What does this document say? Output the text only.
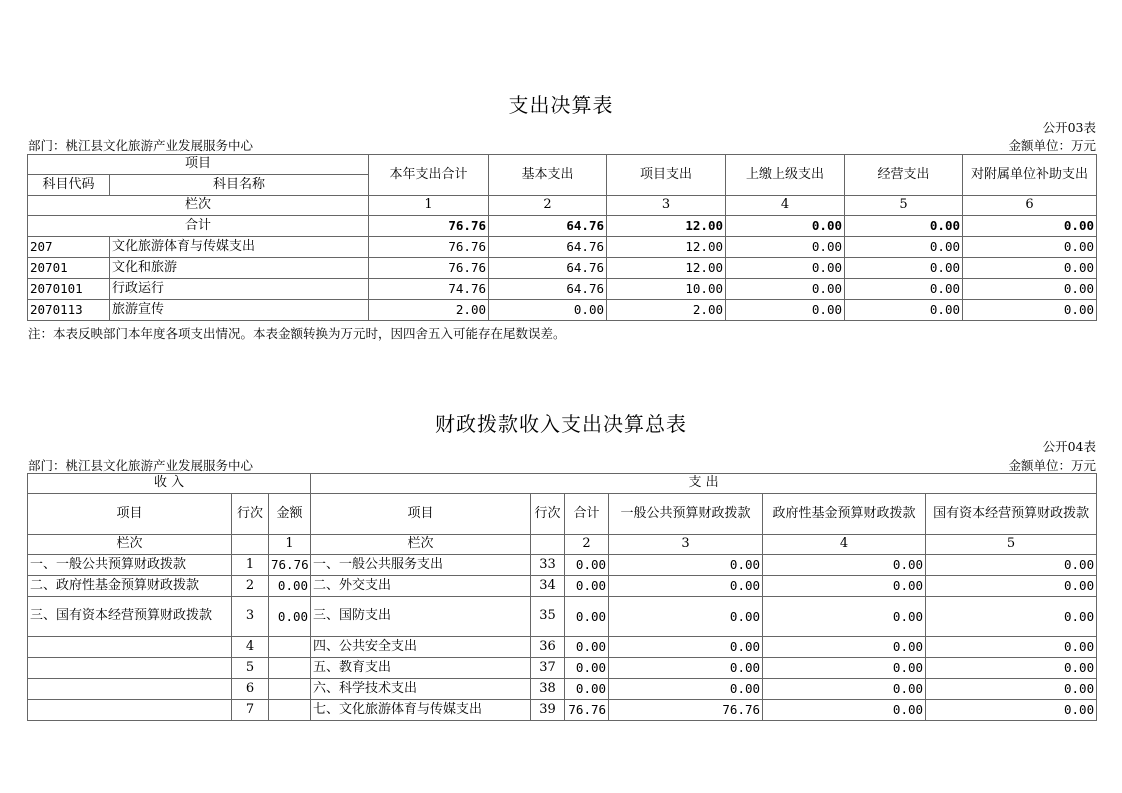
支出决算表
公开03表
部门：桃江县文化旅游产业发展服务中心	金额单位：万元
项目		本年支出合计	基本支出	项目支出	上缴上级支出	经营支出	对附属单位补助支出
科目代码	科目名称						
栏次		1	2	3	4	5	6
合计		76.76	64.76	12.00	0.00	0.00	0.00
207	文化旅游体育与传媒支出	76.76	64.76	12.00	0.00	0.00	0.00
20701	文化和旅游	76.76	64.76	12.00	0.00	0.00	0.00
2070101	行政运行	74.76	64.76	10.00	0.00	0.00	0.00
2070113	旅游宣传	2.00	0.00	2.00	0.00	0.00	0.00
注：本表反映部门本年度各项支出情况。本表金额转换为万元时，因四舍五入可能存在尾数误差。
财政拨款收入支出决算总表
公开04表
部门：桃江县文化旅游产业发展服务中心	金额单位：万元
收 入			支 出					
项目	行次	金额	项目	行次	合计	一般公共预算财政拨款	政府性基金预算财政拨款	国有资本经营预算财政拨款
栏次		1	栏次		2	3	4	5
一、一般公共预算财政拨款	1	76.76	一、一般公共服务支出	33	0.00	0.00	0.00	0.00
二、政府性基金预算财政拨款	2	0.00	二、外交支出	34	0.00	0.00	0.00	0.00
三、国有资本经营预算财政拨款	3	0.00	三、国防支出	35	0.00	0.00	0.00	0.00
	4		四、公共安全支出	36	0.00	0.00	0.00	0.00
	5		五、教育支出	37	0.00	0.00	0.00	0.00
	6		六、科学技术支出	38	0.00	0.00	0.00	0.00
	7		七、文化旅游体育与传媒支出	39	76.76	76.76	0.00	0.00
